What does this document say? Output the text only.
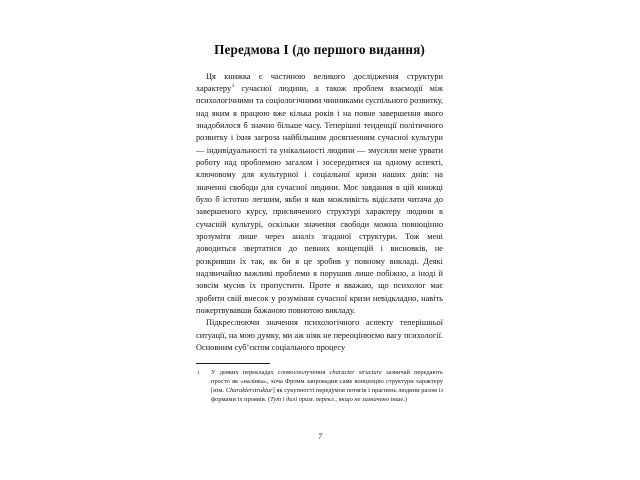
Передмова I (до першого видання)

Ця книжка є частиною великого дослідження структури характеру$^1$ сучасної людини, а також проблем взаємодії між психологічними та соціологічними чинниками суспільного розвитку, над яким я працюю вже кілька років і на повне завершення якого знадобилося б значно більше часу. Теперішні тенденції політичного розвитку і їхня загроза найбільшим досягненням сучасної культури — індивідуальності та унікальності людини — змусили мене урвати роботу над проблемою загалом і зосередитися на одному аспекті, ключовому для культурної і соціальної кризи наших днів: на значенні свободи для сучасної людини. Моє завдання в цій книжці було б істотно легшим, якби я мав можливість відіслати читача до завершеного курсу, присвяченого структурі характеру людини в сучасній культурі, оскільки значення свободи можна повноцінно зрозуміти лише через аналіз згаданої структури. Тож мені доводиться звертатися до певних концепцій і висновків, не розкривши їх так, як би я це зробив у повному викладі. Деякі надзвичайно важливі проблеми я порушив лише побіжно, а іноді й зовсім мусив їх пропустити. Проте я вважаю, що психолог має зробити свій внесок у розуміння сучасної кризи невідкладно, навіть пожертвувавши бажаною повнотою викладу.

Підкреслюючи значення психологічного аспекту теперішньої ситуації, на мою думку, ми аж ніяк не переоцінюємо вагу психології. Основним суб’єктом соціального процесу

1 У деяких перекладах словосполучення character structure зазвичай передають просто як «налівка», хоча Фромм запровадив саме концепцію структури характеру [нім. Charakterstruktur] як сукупності передумов потягів і прагнень людини разом із формами їх проявів. (Тут і далі прим. перекл., якщо не зазначено інше.)
7
